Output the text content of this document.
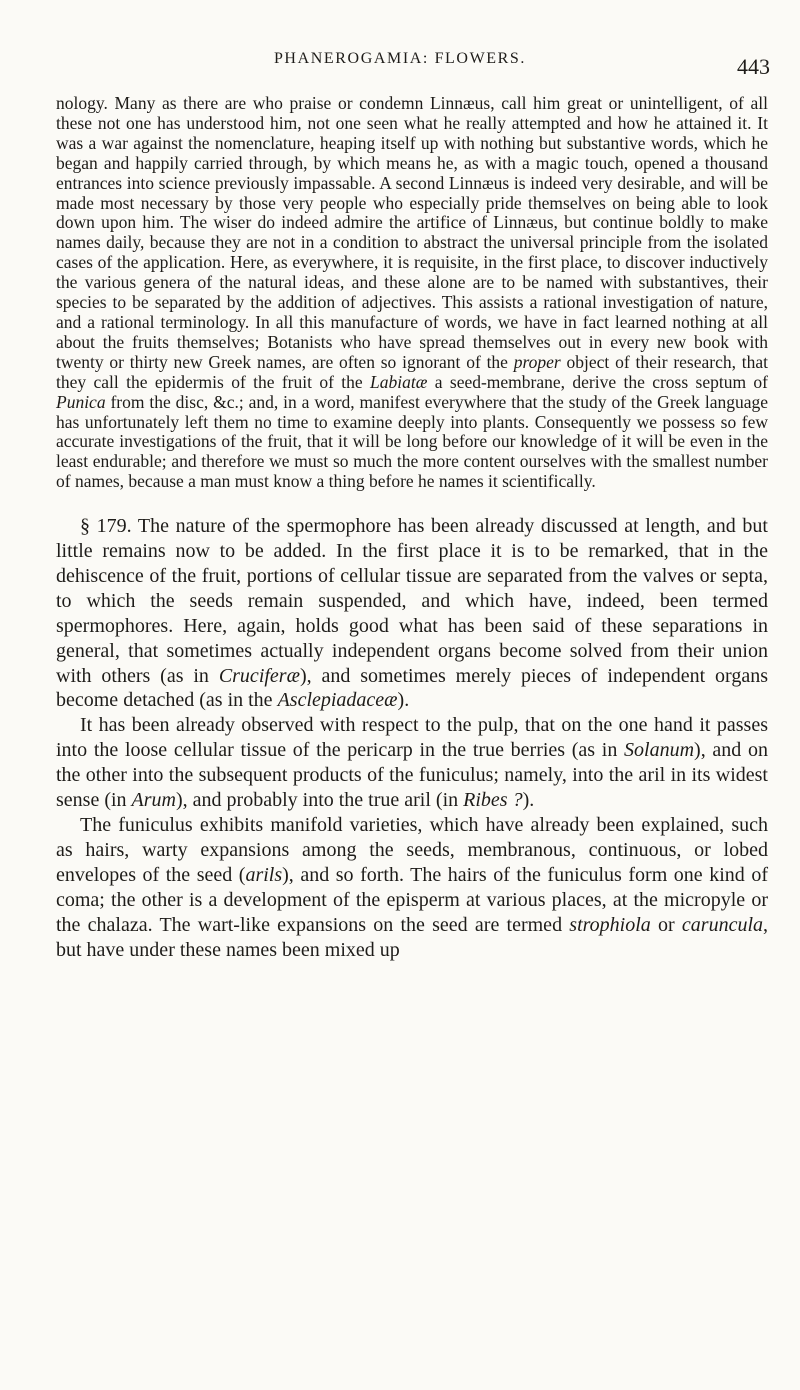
PHANEROGAMIA: FLOWERS.	443

nology. Many as there are who praise or condemn Linnæus, call him great or unintelligent, of all these not one has understood him, not one seen what he really attempted and how he attained it. It was a war against the nomenclature, heaping itself up with nothing but substantive words, which he began and happily carried through, by which means he, as with a magic touch, opened a thousand entrances into science previously impassable. A second Linnæus is indeed very desirable, and will be made most necessary by those very people who especially pride themselves on being able to look down upon him. The wiser do indeed admire the artifice of Linnæus, but continue boldly to make names daily, because they are not in a condition to abstract the universal principle from the isolated cases of the application. Here, as everywhere, it is requisite, in the first place, to discover inductively the various genera of the natural ideas, and these alone are to be named with substantives, their species to be separated by the addition of adjectives. This assists a rational investigation of nature, and a rational terminology. In all this manufacture of words, we have in fact learned nothing at all about the fruits themselves; Botanists who have spread themselves out in every new book with twenty or thirty new Greek names, are often so ignorant of the proper object of their research, that they call the epidermis of the fruit of the Labiatæ a seed-membrane, derive the cross septum of Punica from the disc, &c.; and, in a word, manifest everywhere that the study of the Greek language has unfortunately left them no time to examine deeply into plants. Consequently we possess so few accurate investigations of the fruit, that it will be long before our knowledge of it will be even in the least endurable; and therefore we must so much the more content ourselves with the smallest number of names, because a man must know a thing before he names it scientifically.

§ 179. The nature of the spermophore has been already discussed at length, and but little remains now to be added. In the first place it is to be remarked, that in the dehiscence of the fruit, portions of cellular tissue are separated from the valves or septa, to which the seeds remain suspended, and which have, indeed, been termed spermophores. Here, again, holds good what has been said of these separations in general, that sometimes actually independent organs become solved from their union with others (as in Cruciferæ), and sometimes merely pieces of independent organs become detached (as in the Asclepiadaceæ).

It has been already observed with respect to the pulp, that on the one hand it passes into the loose cellular tissue of the pericarp in the true berries (as in Solanum), and on the other into the subsequent products of the funiculus; namely, into the aril in its widest sense (in Arum), and probably into the true aril (in Ribes ?).

The funiculus exhibits manifold varieties, which have already been explained, such as hairs, warty expansions among the seeds, membranous, continuous, or lobed envelopes of the seed (arils), and so forth. The hairs of the funiculus form one kind of coma; the other is a development of the episperm at various places, at the micropyle or the chalaza. The wart-like expansions on the seed are termed strophiola or caruncula, but have under these names been mixed up
